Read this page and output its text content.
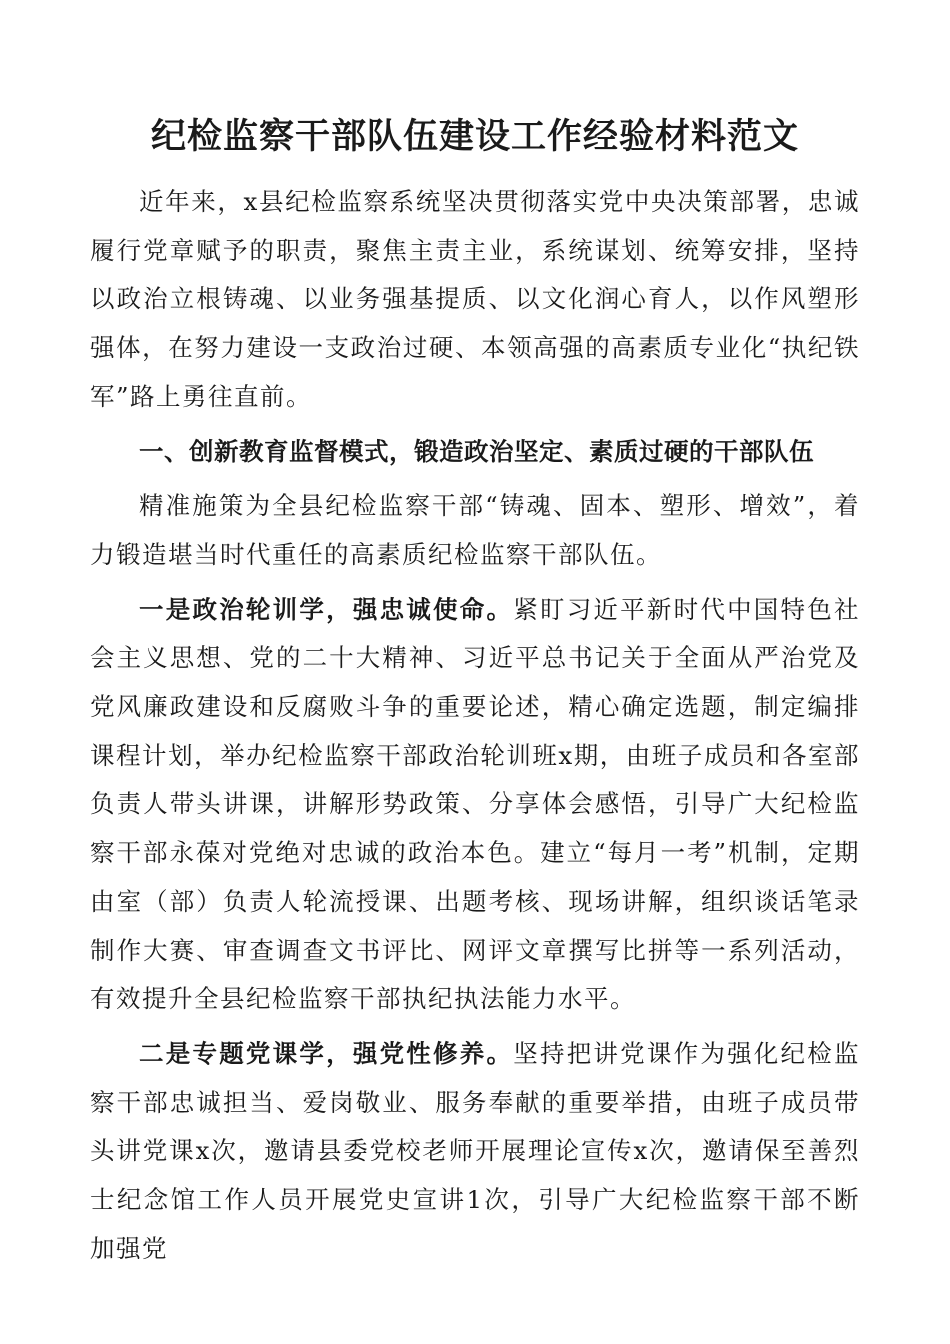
纪检监察干部队伍建设工作经验材料范文

近年来，x县纪检监察系统坚决贯彻落实党中央决策部署，忠诚履行党章赋予的职责，聚焦主责主业，系统谋划、统筹安排，坚持以政治立根铸魂、以业务强基提质、以文化润心育人，以作风塑形强体，在努力建设一支政治过硬、本领高强的高素质专业化“执纪铁军”路上勇往直前。

一、创新教育监督模式，锻造政治坚定、素质过硬的干部队伍

精准施策为全县纪检监察干部“铸魂、固本、塑形、增效”，着力锻造堪当时代重任的高素质纪检监察干部队伍。

一是政治轮训学，强忠诚使命。紧盯习近平新时代中国特色社会主义思想、党的二十大精神、习近平总书记关于全面从严治党及党风廉政建设和反腐败斗争的重要论述，精心确定选题，制定编排课程计划，举办纪检监察干部政治轮训班x期，由班子成员和各室部负责人带头讲课，讲解形势政策、分享体会感悟，引导广大纪检监察干部永葆对党绝对忠诚的政治本色。建立“每月一考”机制，定期由室（部）负责人轮流授课、出题考核、现场讲解，组织谈话笔录制作大赛、审查调查文书评比、网评文章撰写比拼等一系列活动，有效提升全县纪检监察干部执纪执法能力水平。

二是专题党课学，强党性修养。坚持把讲党课作为强化纪检监察干部忠诚担当、爱岗敬业、服务奉献的重要举措，由班子成员带头讲党课x次，邀请县委党校老师开展理论宣传x次，邀请保至善烈士纪念馆工作人员开展党史宣讲1次，引导广大纪检监察干部不断加强党
